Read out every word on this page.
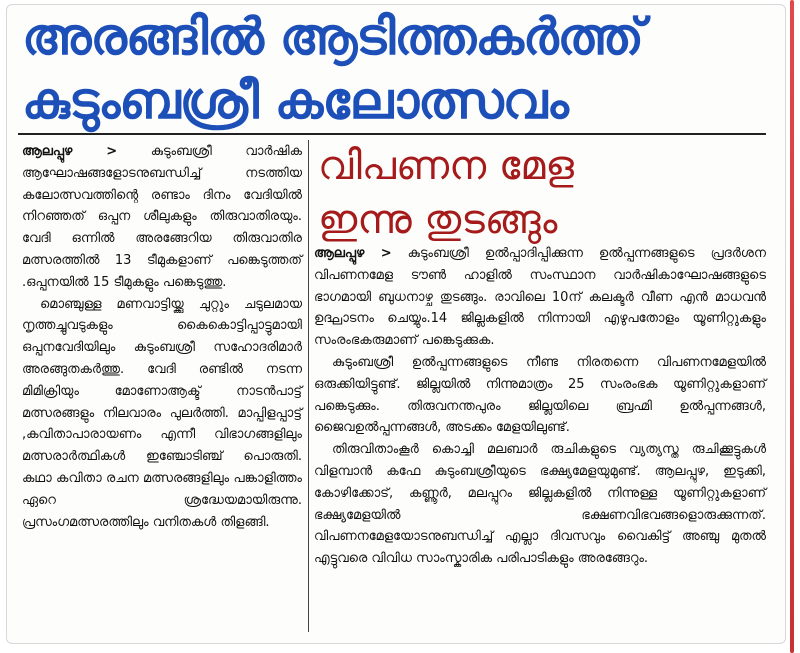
അരങ്ങിൽ ആടിത്തകർത്ത്
കുടുംബശ്രീ കലോത്സവം

ആലപ്പുഴ >	കുടുംബശ്രീ വാർഷിക ആഘോഷങ്ങളോടനുബന്ധിച്ച് നടത്തിയ കലോത്സവത്തിന്റെ രണ്ടാം ദിനം വേദിയിൽ നിറഞ്ഞത് ഒപ്പന ശീലുകളും തിരുവാതിരയും. വേദി ഒന്നിൽ അരങ്ങേറിയ തിരുവാതിര മത്സരത്തിൽ 13 ടീമുകളാണ് പങ്കെടുത്തത് .ഒപ്പനയിൽ 15 ടീമുകളും പങ്കെടുത്തു.

മൊഞ്ചുള്ള മണവാട്ടിയ്ക്കു ചുറ്റും ചടുലമായ നൃത്തച്ചുവടുകളും കൈകൊട്ടിപ്പാട്ടുമായി ഒപ്പനവേദിയിലും കുടുംബശ്രീ സഹോദരിമാർ അരങ്ങുതകർത്തു. വേദി രണ്ടിൽ നടന്ന മിമിക്രിയും മോണോആക്ട് നാടൻപാട്ട് മത്സരങ്ങളും നിലവാരം പുലർത്തി. മാപ്പിളപ്പാട്ട് ,കവിതാപാരായണം എന്നീ വിഭാഗങ്ങളിലും മത്സരാർത്ഥികൾ ഇഞ്ചോടിഞ്ച് പൊരുതി. കഥാ കവിതാ രചന മത്സരങ്ങളിലും പങ്കാളിത്തം ഏറെ ശ്രദ്ധേയമായിരുന്നു. പ്രസംഗമത്സരത്തിലും വനിതകൾ തിളങ്ങി.

വിപണന മേള
ഇന്നു തുടങ്ങും

ആലപ്പുഴ > കുടുംബശ്രീ ഉൽപ്പാദിപ്പിക്കുന്ന ഉൽപ്പന്നങ്ങളുടെ പ്രദർശന വിപണനമേള ടൗൺ ഹാളിൽ സംസ്ഥാന വാർഷികാഘോഷങ്ങളുടെ ഭാഗമായി ബുധനാഴ്ച തുടങ്ങും. രാവിലെ 10ന് കലക്ടർ വീണ എൻ മാധവൻ ഉദ്ഘാടനം ചെയ്യും.14 ജില്ലകളിൽ നിന്നായി എഴുപതോളം യൂണിറ്റുകളും സംരംഭകരുമാണ് പങ്കെടുക്കുക.

കുടുംബശ്രീ ഉൽപ്പന്നങ്ങളുടെ നീണ്ട നിരതന്നെ വിപണനമേളയിൽ ഒരുക്കിയിട്ടുണ്ട്. ജില്ലയിൽ നിന്നുമാത്രം 25 സംരംഭക യൂണിറ്റുകളാണ് പങ്കെടുക്കും. തിരുവനന്തപുരം ജില്ലയിലെ ബ്രഹ്മി ഉൽപ്പന്നങ്ങൾ, ജൈവഉൽപ്പന്നങ്ങൾ, അടക്കം മേളയിലുണ്ട്.

തിരുവിതാംകൂർ കൊച്ചി മലബാർ രുചികളുടെ വ്യത്യസ്ത രുചിക്കൂട്ടുകൾ വിളമ്പാൻ കഫേ കുടുംബശ്രീയുടെ ഭക്ഷ്യമേളയുമുണ്ട്. ആലപ്പുഴ, ഇടുക്കി, കോഴിക്കോട്, കണ്ണൂർ, മലപ്പുറം ജില്ലകളിൽ നിന്നുള്ള യൂണിറ്റുകളാണ് ഭക്ഷ്യമേളയിൽ ഭക്ഷണവിഭവങ്ങളൊരുക്കുന്നത്. വിപണനമേളയോടനുബന്ധിച്ച് എല്ലാ ദിവസവും വൈകിട്ട് അഞ്ചു മുതൽ എട്ടുവരെ വിവിധ സാംസ്കാരിക പരിപാടികളും അരങ്ങേറും.
